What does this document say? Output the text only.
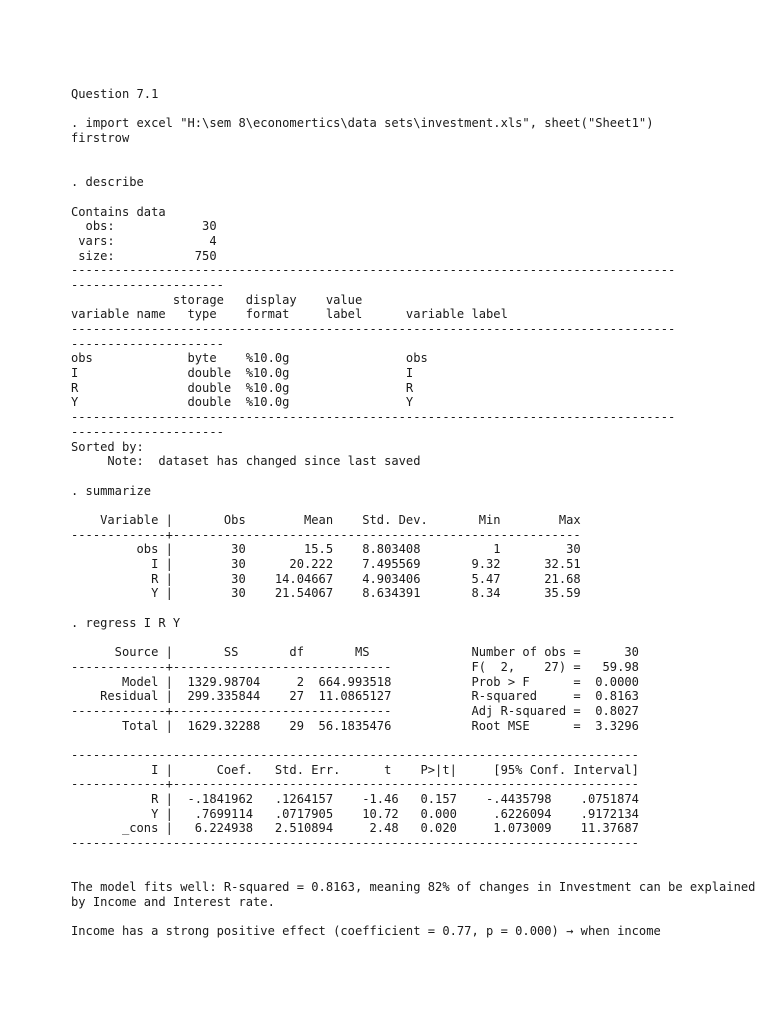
Question 7.1
. import excel "H:\sem 8\economertics\data sets\investment.xls", sheet("Sheet1")
firstrow
. describe
Contains data
obs:            30
vars:             4
size:           750
-----------------------------------------------------------------------------------
---------------------
storage   display    value
variable name   type    format     label      variable label
-----------------------------------------------------------------------------------
---------------------
obs             byte    %10.0g                obs
I               double  %10.0g                I
R               double  %10.0g                R
Y               double  %10.0g                Y
-----------------------------------------------------------------------------------
---------------------
Sorted by:
Note:  dataset has changed since last saved
. summarize
Variable |       Obs        Mean    Std. Dev.       Min        Max
-------------+--------------------------------------------------------
obs |        30        15.5    8.803408          1         30
I |        30      20.222    7.495569       9.32      32.51
R |        30    14.04667    4.903406       5.47      21.68
Y |        30    21.54067    8.634391       8.34      35.59
. regress I R Y
Source |       SS       df       MS              Number of obs =      30
-------------+------------------------------           F(  2,    27) =   59.98
Model |  1329.98704     2  664.993518           Prob > F      =  0.0000
Residual |  299.335844    27  11.0865127           R-squared     =  0.8163
-------------+------------------------------           Adj R-squared =  0.8027
Total |  1629.32288    29  56.1835476           Root MSE      =  3.3296
------------------------------------------------------------------------------
I |      Coef.   Std. Err.      t    P>|t|     [95% Conf. Interval]
-------------+----------------------------------------------------------------
R |  -.1841962   .1264157    -1.46   0.157    -.4435798    .0751874
Y |   .7699114   .0717905    10.72   0.000     .6226094    .9172134
_cons |   6.224938   2.510894     2.48   0.020     1.073009    11.37687
------------------------------------------------------------------------------
The model fits well: R-squared = 0.8163, meaning 82% of changes in Investment can be explained by Income and Interest rate.
Income has a strong positive effect (coefficient = 0.77, p = 0.000) → when income
